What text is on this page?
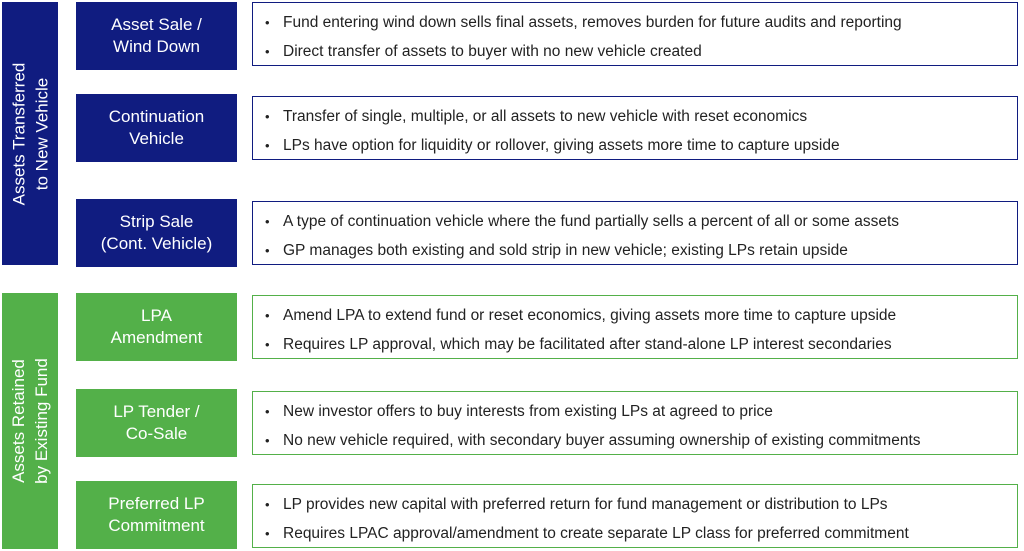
Assets Transferred to New Vehicle
Assets Retained by Existing Fund
Asset Sale /
Wind Down
• Fund entering wind down sells final assets, removes burden for future audits and reporting
• Direct transfer of assets to buyer with no new vehicle created
Continuation
Vehicle
• Transfer of single, multiple, or all assets to new vehicle with reset economics
• LPs have option for liquidity or rollover, giving assets more time to capture upside
Strip Sale
(Cont. Vehicle)
• A type of continuation vehicle where the fund partially sells a percent of all or some assets
• GP manages both existing and sold strip in new vehicle; existing LPs retain upside
LPA
Amendment
• Amend LPA to extend fund or reset economics, giving assets more time to capture upside
• Requires LP approval, which may be facilitated after stand-alone LP interest secondaries
LP Tender /
Co-Sale
• New investor offers to buy interests from existing LPs at agreed to price
• No new vehicle required, with secondary buyer assuming ownership of existing commitments
Preferred LP
Commitment
• LP provides new capital with preferred return for fund management or distribution to LPs
• Requires LPAC approval/amendment to create separate LP class for preferred commitment
